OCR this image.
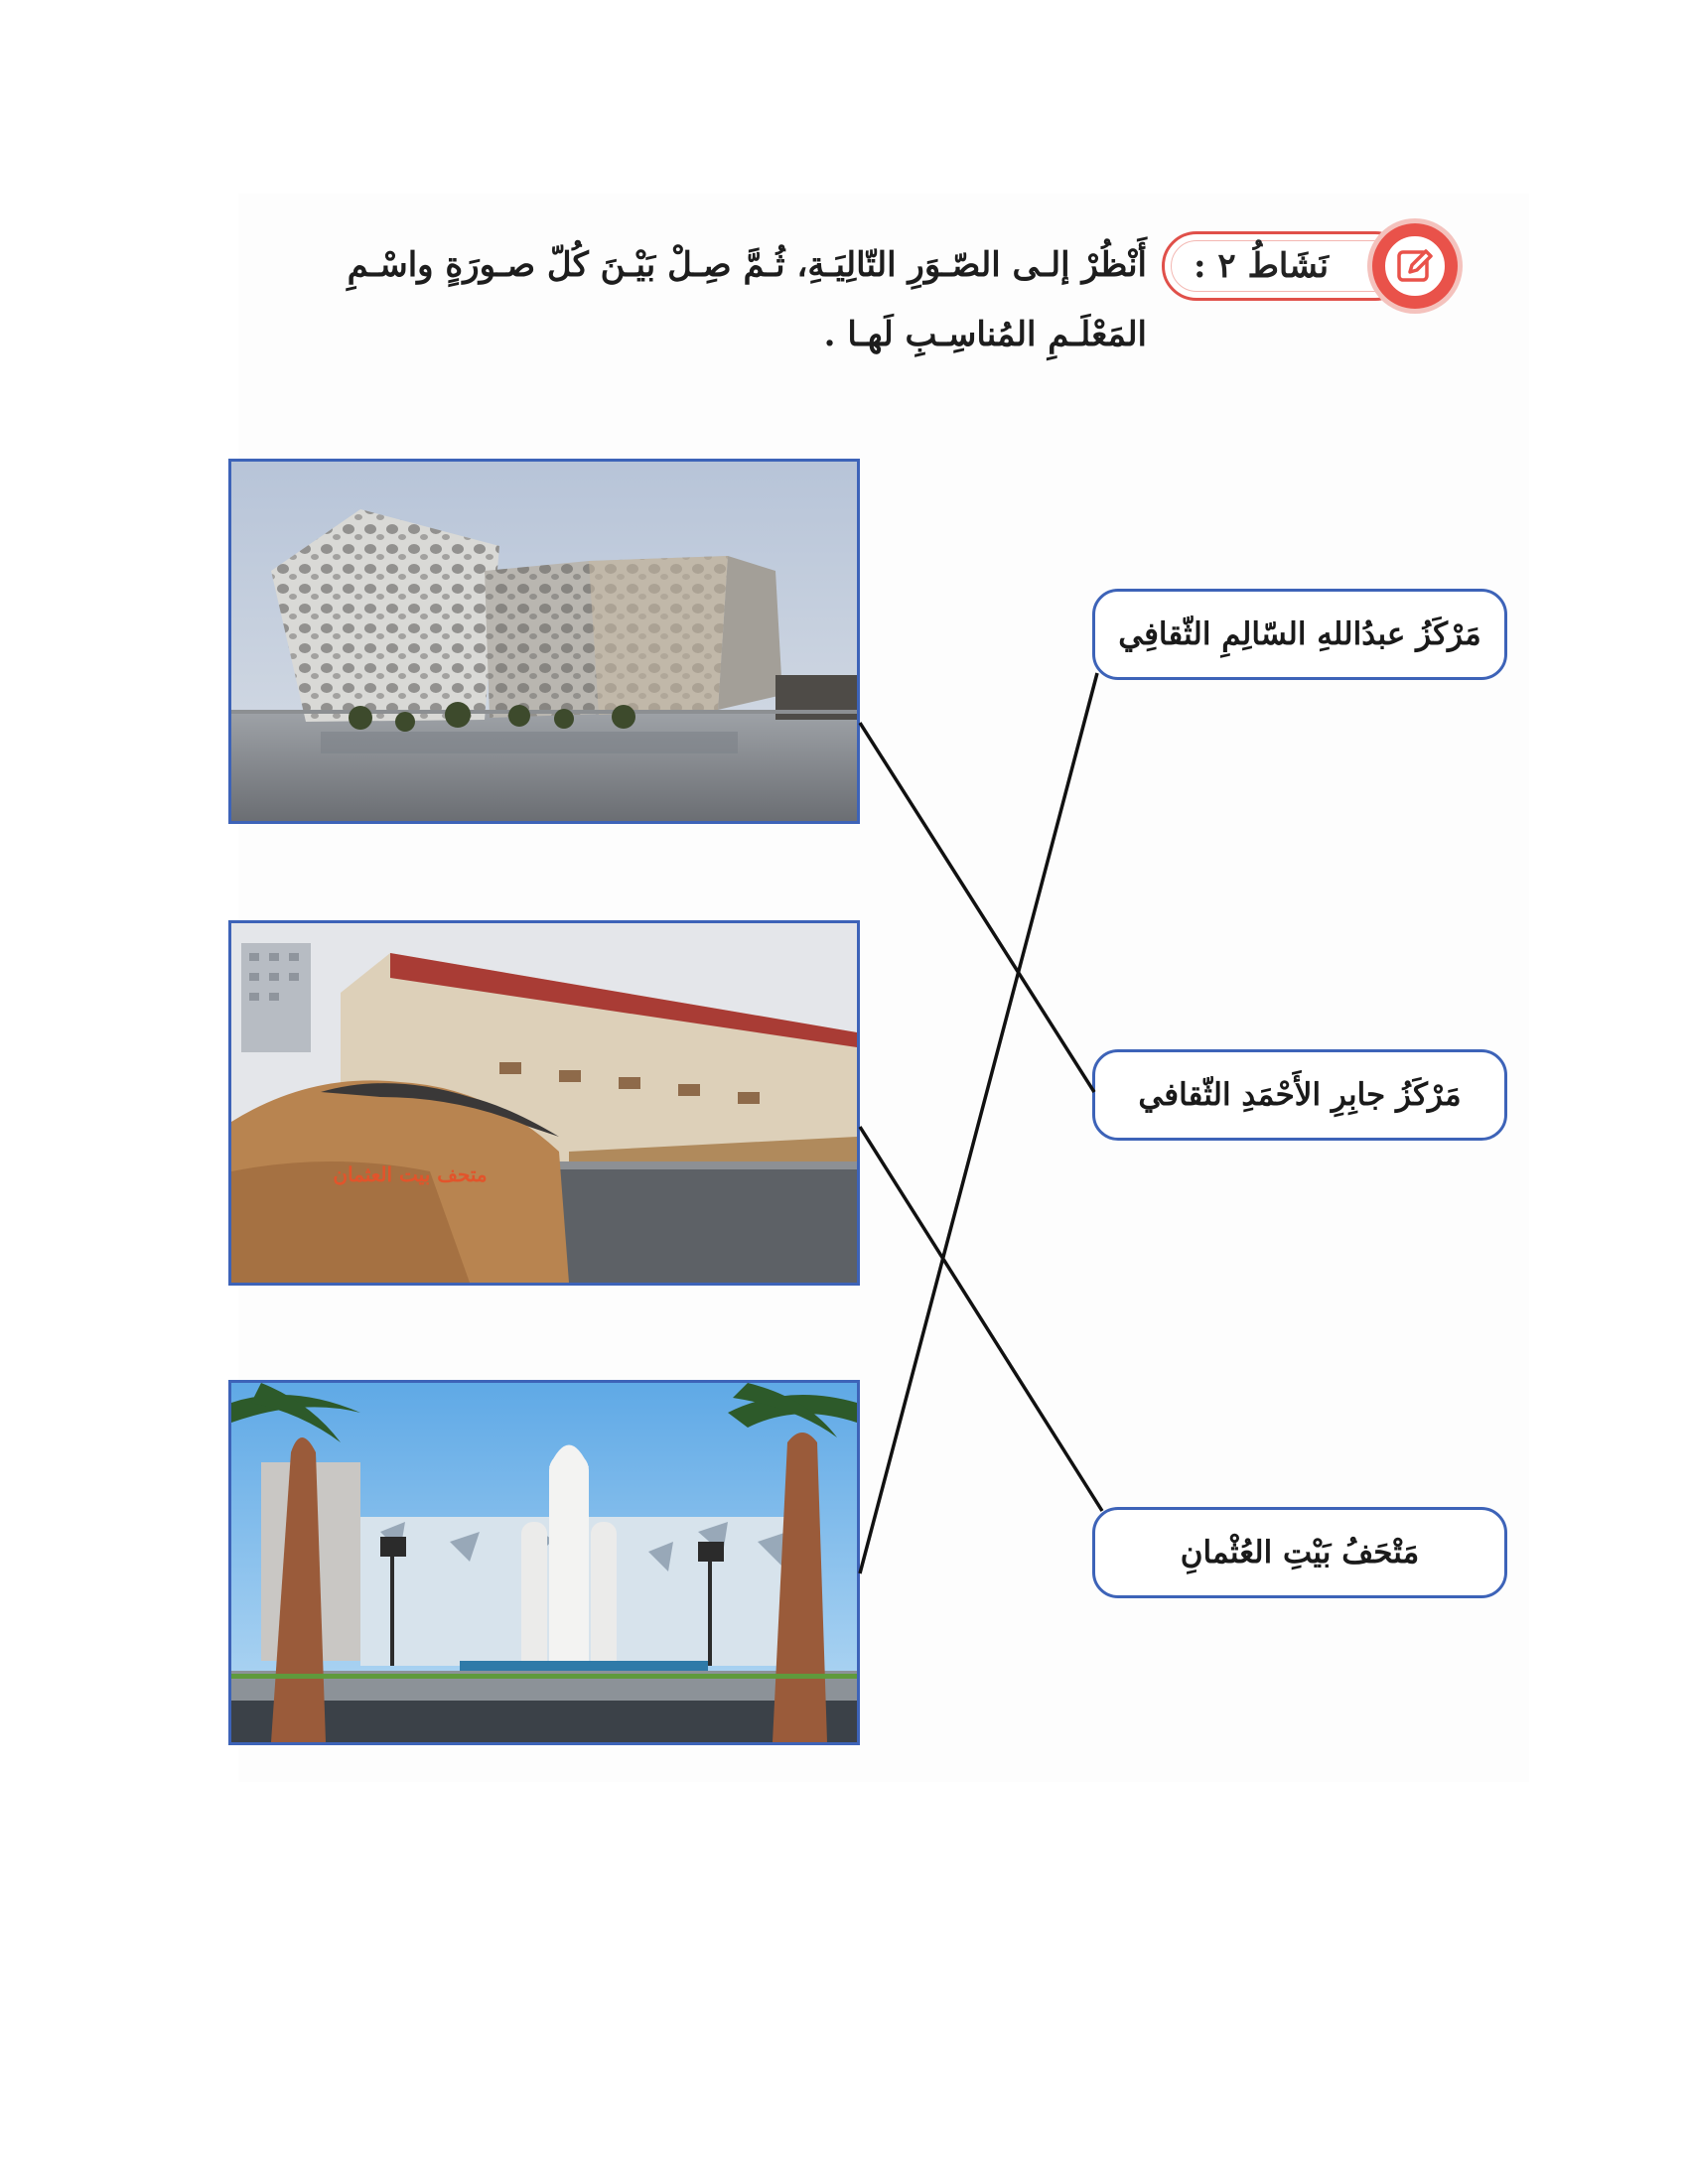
نَشَاطُ ٢ :
أَنْظُرْ إلـى الصّـوَرِ التّالِيَـةِ، ثُـمَّ صِـلْ بَيْـنَ كُلّ صـورَةٍ واسْـمِ المَعْلَـمِ المُناسِـبِ لَهـا .
متحف بيت العثمان
مَرْكَزُ عبدُاللهِ السّالِمِ الثّقافِي
مَرْكَزُ جابِرِ الأَحْمَدِ الثّقافي
مَتْحَفُ بَيْتِ العُثْمانِ
